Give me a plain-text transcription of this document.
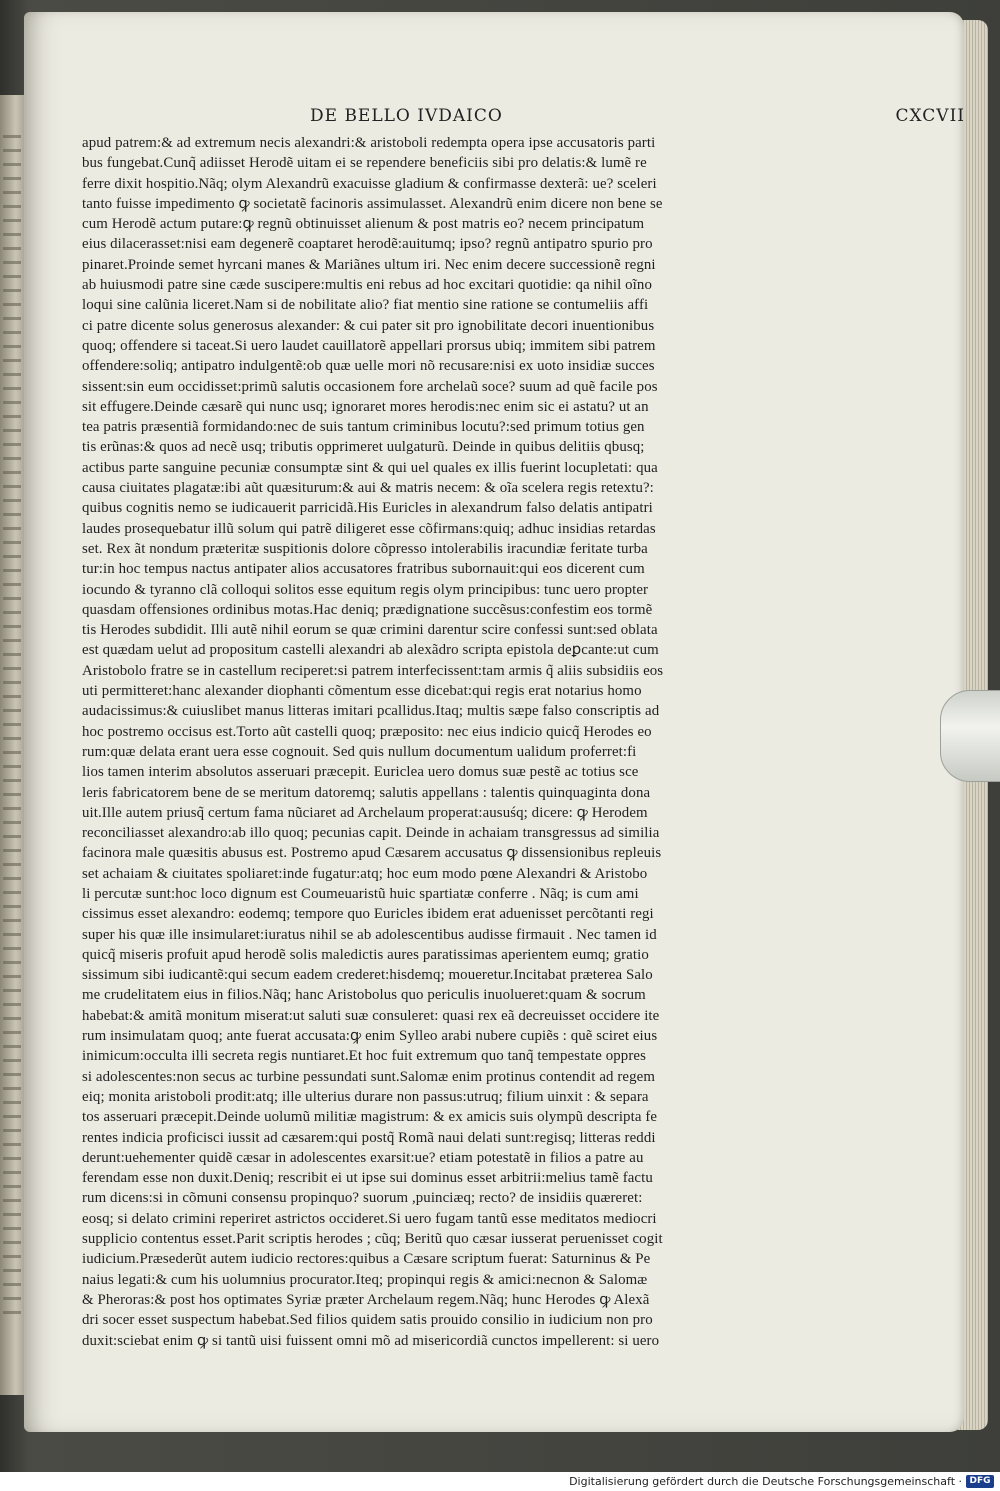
DE BELLO IVDAICO	CXCVII
apud patrem:& ad extremum necis alexandri:& aristoboli redempta opera ipse accusatoris parti
bus fungebat.Cunq̃ adiisset Herodẽ uitam ei se rependere beneficiis sibi pro delatis:& lumẽ re
ferre dixit hospitio.Nãq; olym Alexandrũ exacuisse gladium & confirmasse dexterã: ue? sceleri
tanto fuisse impedimento ꝙ societatẽ facinoris assimulasset. Alexandrũ enim dicere non bene se
cum Herodẽ actum putare:ꝙ regnũ obtinuisset alienum & post matris eo? necem principatum
eius dilacerasset:nisi eam degenerẽ coaptaret herodẽ:auitumq; ipso? regnũ antipatro spurio pro
pinaret.Proinde semet hyrcani manes & Mariãnes ultum iri. Nec enim decere successionẽ regni
ab huiusmodi patre sine cæde suscipere:multis eni rebus ad hoc excitari quotidie: qa nihil oĩno
loqui sine calũnia liceret.Nam si de nobilitate alio? fiat mentio sine ratione se contumeliis affi
ci patre dicente solus generosus alexander: & cui pater sit pro ignobilitate decori inuentionibus
quoq; offendere si taceat.Si uero laudet cauillatorẽ appellari prorsus ubiq; immitem sibi patrem
offendere:soliq; antipatro indulgentẽ:ob quæ uelle mori nõ recusare:nisi ex uoto insidiæ succes
sissent:sin eum occidisset:primũ salutis occasionem fore archelaũ soce? suum ad quẽ facile pos
sit effugere.Deinde cæsarẽ qui nunc usq; ignoraret mores herodis:nec enim sic ei astatu? ut an
tea patris præsentiã formidando:nec de suis tantum criminibus locutu?:sed primum totius gen
tis erũnas:& quos ad necẽ usq; tributis opprimeret uulgaturũ. Deinde in quibus delitiis qbusq;
actibus parte sanguine pecuniæ consumptæ sint & qui uel quales ex illis fuerint locupletati: qua
causa ciuitates plagatæ:ibi aũt quæsiturum:& aui & matris necem: & oĩa scelera regis retextu?:
quibus cognitis nemo se iudicauerit parricidã.His Euricles in alexandrum falso delatis antipatri
laudes prosequebatur illũ solum qui patrẽ diligeret esse cõfirmans:quiq; adhuc insidias retardas
set. Rex ãt nondum præteritæ suspitionis dolore cõpresso intolerabilis iracundiæ feritate turba
tur:in hoc tempus nactus antipater alios accusatores fratribus subornauit:qui eos dicerent cum
iocundo & tyranno clã colloqui solitos esse equitum regis olym principibus: tunc uero propter
quasdam offensiones ordinibus motas.Hac deniq; prædignatione succẽsus:confestim eos tormẽ
tis Herodes subdidit. Illi autẽ nihil eorum se quæ crimini darentur scire confessi sunt:sed oblata
est quædam uelut ad propositum castelli alexandri ab alexãdro scripta epistola deꝑcante:ut cum
Aristobolo fratre se in castellum reciperet:si patrem interfecissent:tam armis q̃ aliis subsidiis eos
uti permitteret:hanc alexander diophanti cõmentum esse dicebat:qui regis erat notarius homo
audacissimus:& cuiuslibet manus litteras imitari pcallidus.Itaq; multis sæpe falso conscriptis ad
hoc postremo occisus est.Torto aũt castelli quoq; præposito: nec eius indicio quicq̃ Herodes eo
rum:quæ delata erant uera esse cognouit. Sed quis nullum documentum ualidum proferret:fi
lios tamen interim absolutos asseruari præcepit. Euriclea uero domus suæ pestẽ ac totius sce
leris fabricatorem bene de se meritum datoremq; salutis appellans : talentis quinquaginta dona
uit.Ille autem priusq̃ certum fama nũciaret ad Archelaum properat:ausuśq; dicere: ꝙ Herodem
reconciliasset alexandro:ab illo quoq; pecunias capit. Deinde in achaiam transgressus ad similia
facinora male quæsitis abusus est. Postremo apud Cæsarem accusatus ꝙ dissensionibus repleuis
set achaiam & ciuitates spoliaret:inde fugatur:atq; hoc eum modo pœne Alexandri & Aristobo
li percutæ sunt:hoc loco dignum est Coumeuaristũ huic spartiatæ conferre . Nãq; is cum ami
cissimus esset alexandro: eodemq; tempore quo Euricles ibidem erat aduenisset percõtanti regi
super his quæ ille insimularet:iuratus nihil se ab adolescentibus audisse firmauit . Nec tamen id
quicq̃ miseris profuit apud herodẽ solis maledictis aures paratissimas aperientem eumq; gratio
sissimum sibi iudicantẽ:qui secum eadem crederet:hisdemq; moueretur.Incitabat præterea Salo
me crudelitatem eius in filios.Nãq; hanc Aristobolus quo periculis inuolueret:quam & socrum
habebat:& amitã monitum miserat:ut saluti suæ consuleret: quasi rex eã decreuisset occidere ite
rum insimulatam quoq; ante fuerat accusata:ꝙ enim Sylleo arabi nubere cupiẽs : quẽ sciret eius
inimicum:occulta illi secreta regis nuntiaret.Et hoc fuit extremum quo tanq̃ tempestate oppres
si adolescentes:non secus ac turbine pessundati sunt.Salomæ enim protinus contendit ad regem
eiq; monita aristoboli prodit:atq; ille ulterius durare non passus:utruq; filium uinxit : & separa
tos asseruari præcepit.Deinde uolumũ militiæ magistrum: & ex amicis suis olympũ descripta fe
rentes indicia proficisci iussit ad cæsarem:qui postq̃ Romã naui delati sunt:regisq; litteras reddi
derunt:uehementer quidẽ cæsar in adolescentes exarsit:ue? etiam potestatẽ in filios a patre au
ferendam esse non duxit.Deniq; rescribit ei ut ipse sui dominus esset arbitrii:melius tamẽ factu
rum dicens:si in cõmuni consensu propinquo? suorum ,puinciæq; recto? de insidiis quæreret:
eosq; si delato crimini reperiret astrictos occideret.Si uero fugam tantũ esse meditatos mediocri
supplicio contentus esset.Parit scriptis herodes ; cũq; Beritũ quo cæsar iusserat peruenisset cogit
iudicium.Præsederũt autem iudicio rectores:quibus a Cæsare scriptum fuerat: Saturninus & Pe
naius legati:& cum his uolumnius procurator.Iteq; propinqui regis & amici:necnon & Salomæ
& Pheroras:& post hos optimates Syriæ præter Archelaum regem.Nãq; hunc Herodes ꝙ Alexã
dri socer esset suspectum habebat.Sed filios quidem satis prouido consilio in iudicium non pro
duxit:sciebat enim ꝙ si tantũ uisi fuissent omni mõ ad misericordiã cunctos impellerent: si uero
Digitalisierung gefördert durch die Deutsche Forschungsgemeinschaft · DFG
